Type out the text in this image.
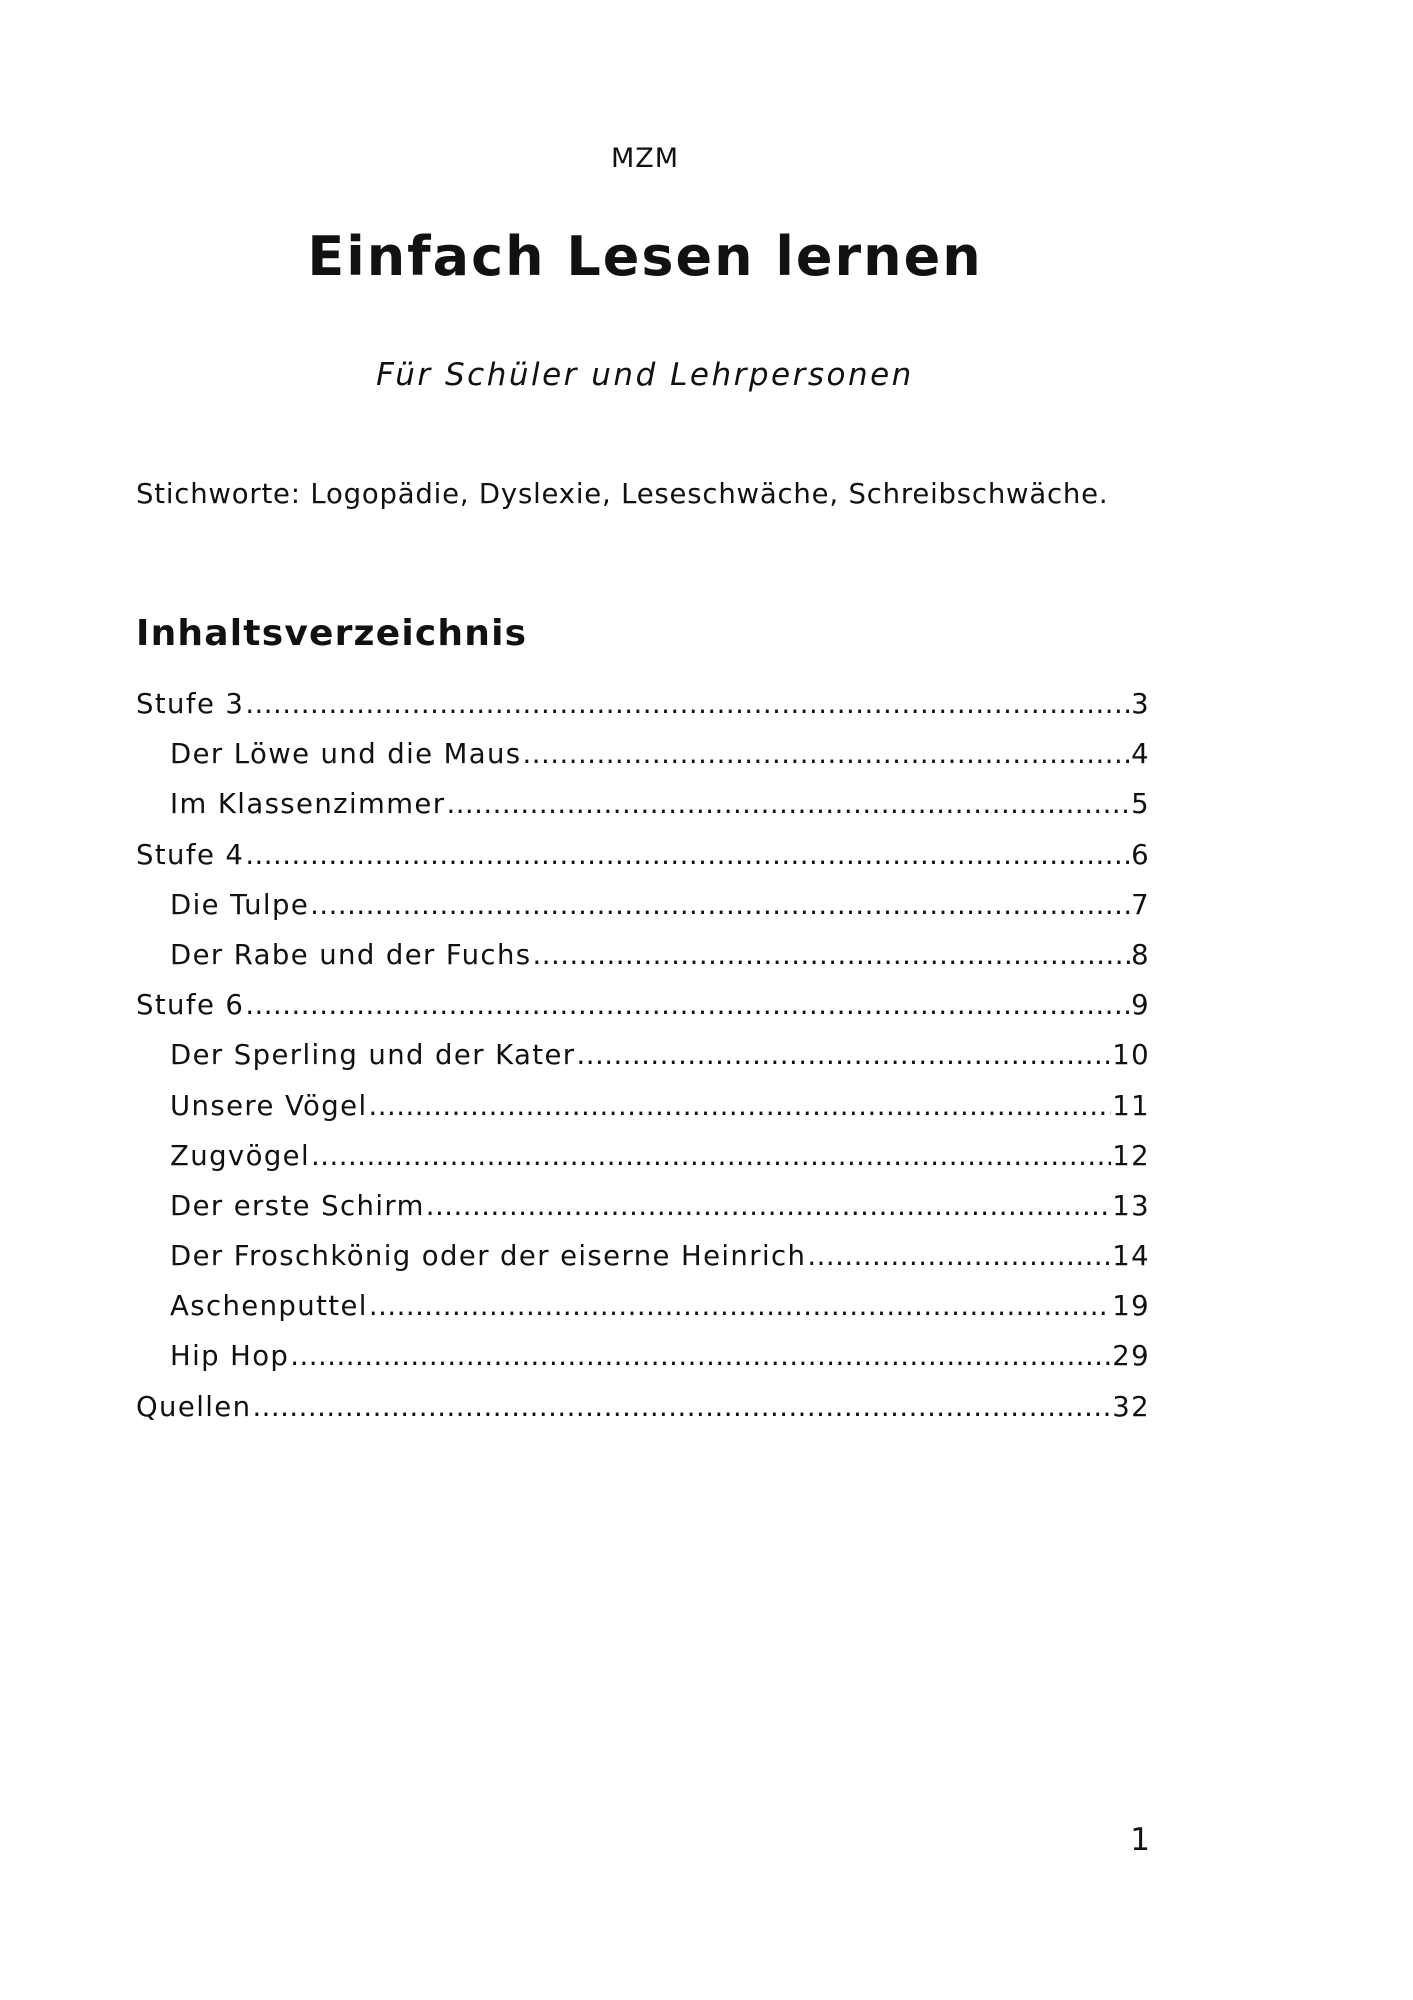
MZM
Einfach Lesen lernen
Für Schüler und Lehrpersonen
Stichworte: Logopädie, Dyslexie, Leseschwäche, Schreibschwäche.
Inhaltsverzeichnis
Stufe 3 .....	3
Der Löwe und die Maus .....	4
Im Klassenzimmer .....	5
Stufe 4 .....	6
Die Tulpe .....	7
Der Rabe und der Fuchs .....	8
Stufe 6 .....	9
Der Sperling und der Kater .....	10
Unsere Vögel .....	11
Zugvögel .....	12
Der erste Schirm .....	13
Der Froschkönig oder der eiserne Heinrich .....	14
Aschenputtel .....	19
Hip Hop .....	29
Quellen .....	32
1
